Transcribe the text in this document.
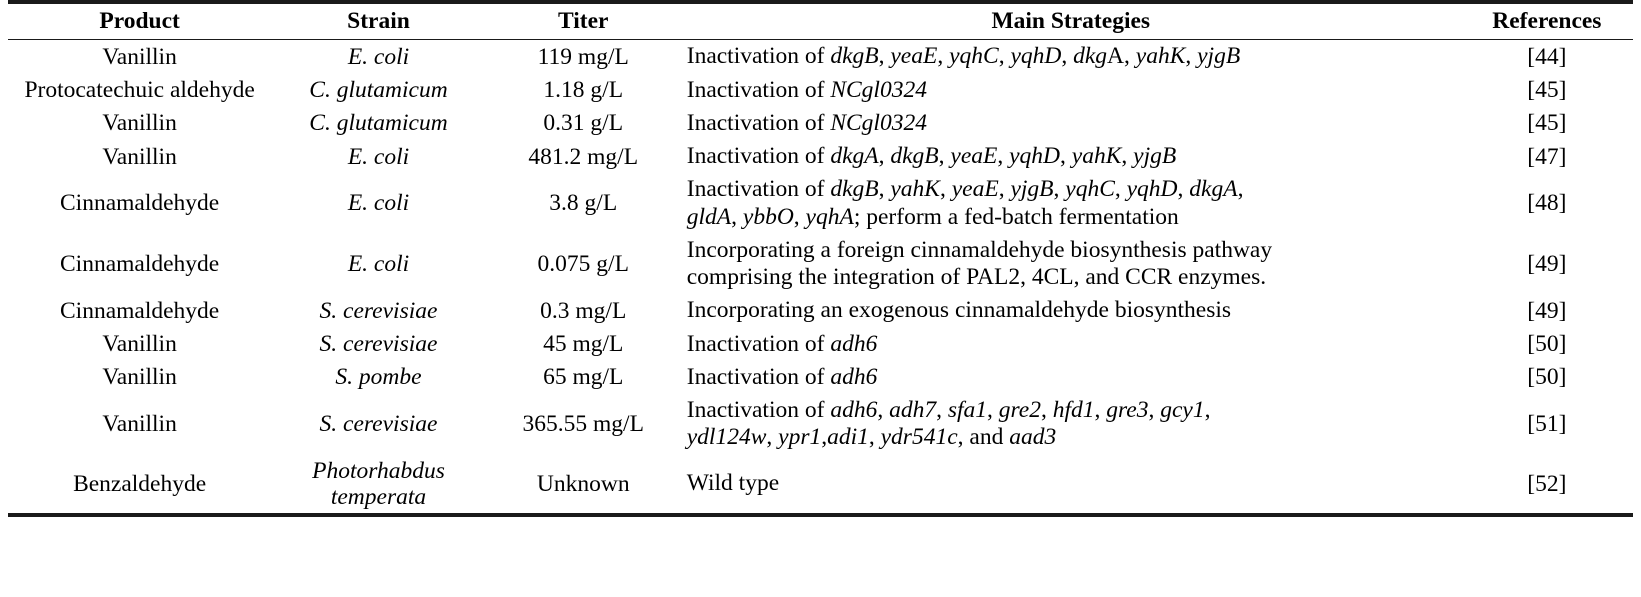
Product	Strain	Titer	Main Strategies	References
Vanillin	E. coli	119 mg/L	Inactivation of dkgB, yeaE, yqhC, yqhD, dkgA, yahK, yjgB	[44]
Protocatechuic aldehyde	C. glutamicum	1.18 g/L	Inactivation of NCgl0324	[45]
Vanillin	C. glutamicum	0.31 g/L	Inactivation of NCgl0324	[45]
Vanillin	E. coli	481.2 mg/L	Inactivation of dkgA, dkgB, yeaE, yqhD, yahK, yjgB	[47]
Cinnamaldehyde	E. coli	3.8 g/L	Inactivation of dkgB, yahK, yeaE, yjgB, yqhC, yqhD, dkgA,
gldA, ybbO, yqhA; perform a fed-batch fermentation	[48]
Cinnamaldehyde	E. coli	0.075 g/L	Incorporating a foreign cinnamaldehyde biosynthesis pathway
comprising the integration of PAL2, 4CL, and CCR enzymes.	[49]
Cinnamaldehyde	S. cerevisiae	0.3 mg/L	Incorporating an exogenous cinnamaldehyde biosynthesis	[49]
Vanillin	S. cerevisiae	45 mg/L	Inactivation of adh6	[50]
Vanillin	S. pombe	65 mg/L	Inactivation of adh6	[50]
Vanillin	S. cerevisiae	365.55 mg/L	Inactivation of adh6, adh7, sfa1, gre2, hfd1, gre3, gcy1,
ydl124w, ypr1,adi1, ydr541c, and aad3	[51]
Benzaldehyde	Photorhabdus temperata	Unknown	Wild type	[52]
